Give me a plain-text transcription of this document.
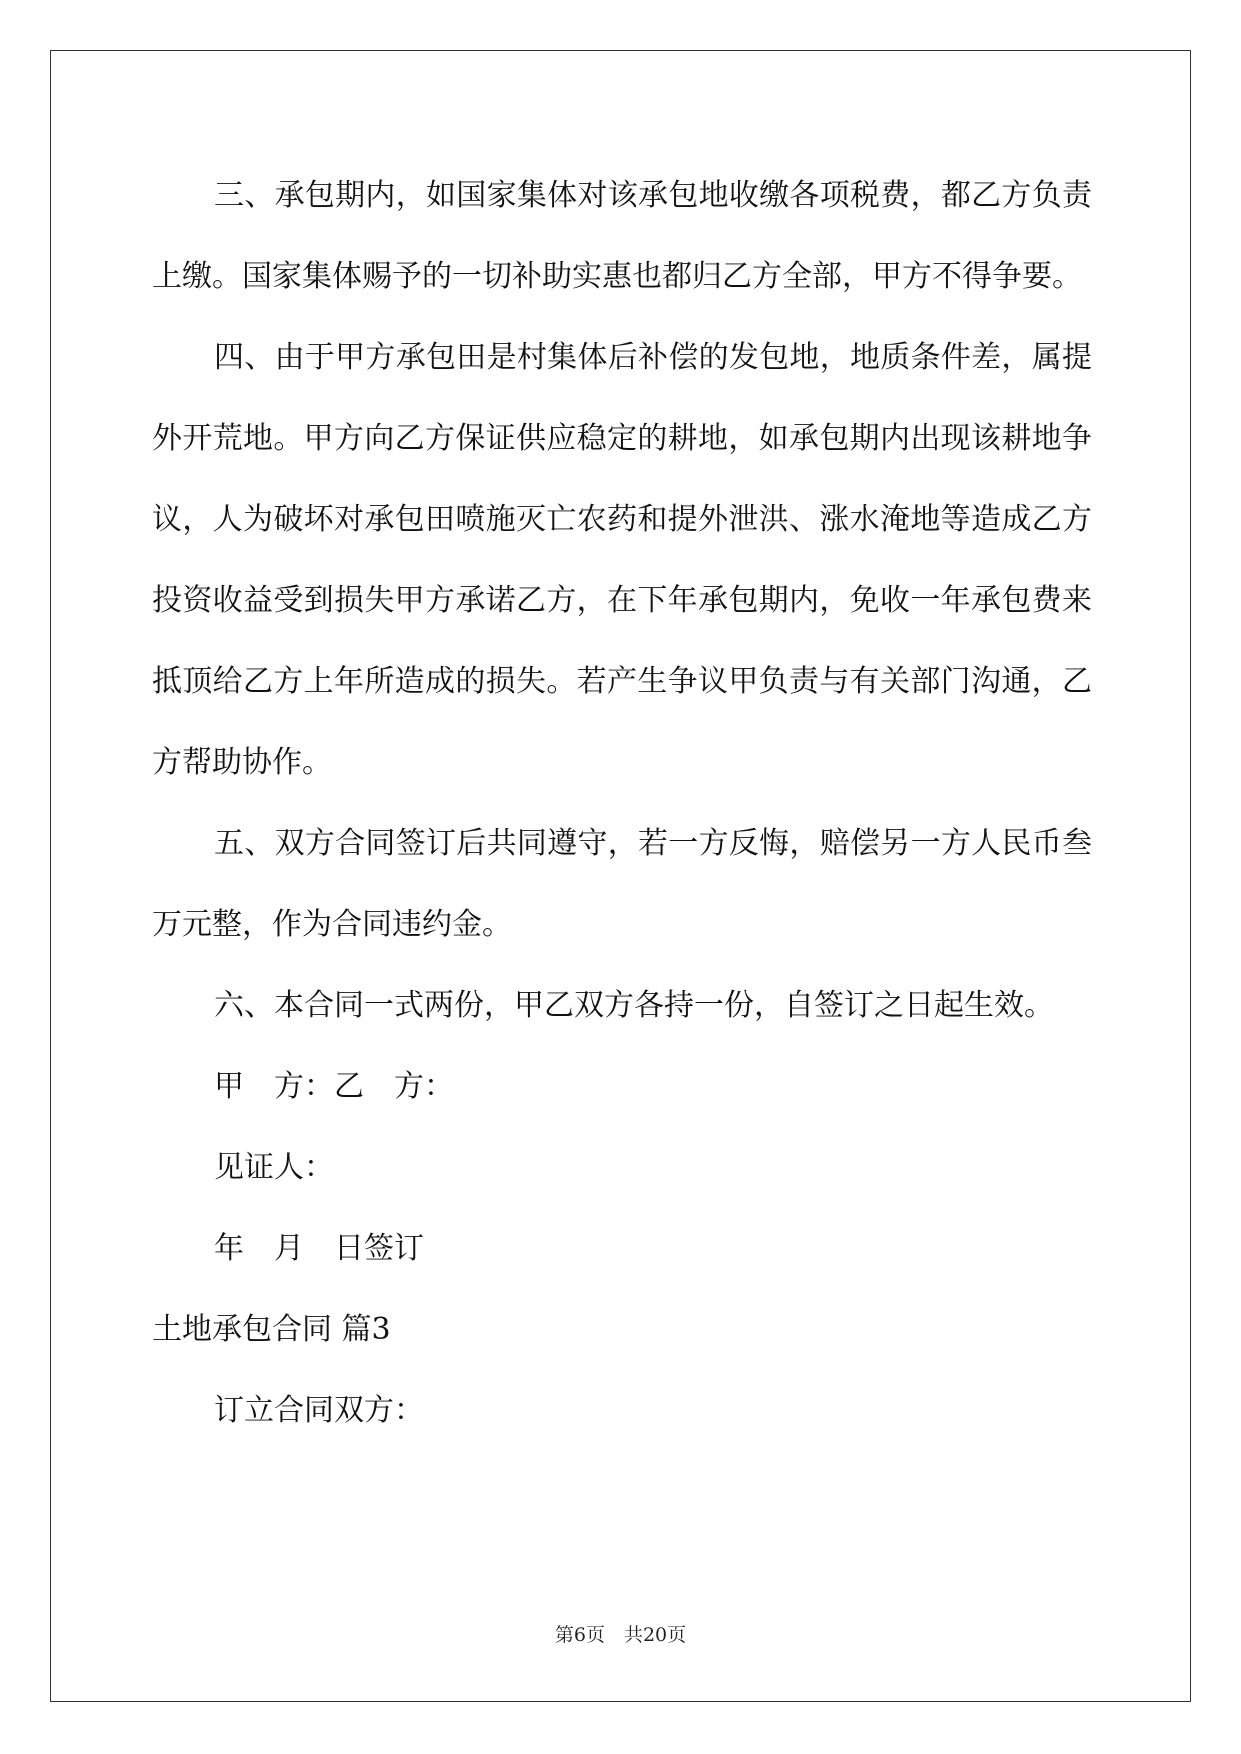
三、承包期内，如国家集体对该承包地收缴各项税费，都乙方负责上缴。国家集体赐予的一切补助实惠也都归乙方全部，甲方不得争要。

四、由于甲方承包田是村集体后补偿的发包地，地质条件差，属提外开荒地。甲方向乙方保证供应稳定的耕地，如承包期内出现该耕地争议，人为破坏对承包田喷施灭亡农药和提外泄洪、涨水淹地等造成乙方投资收益受到损失甲方承诺乙方，在下年承包期内，免收一年承包费来抵顶给乙方上年所造成的损失。若产生争议甲负责与有关部门沟通，乙方帮助协作。

五、双方合同签订后共同遵守，若一方反悔，赔偿另一方人民币叁万元整，作为合同违约金。

六、本合同一式两份，甲乙双方各持一份，自签订之日起生效。

甲　方：乙　方：

见证人：

年　月　日签订

土地承包合同 篇3

订立合同双方：

第6页　共20页
